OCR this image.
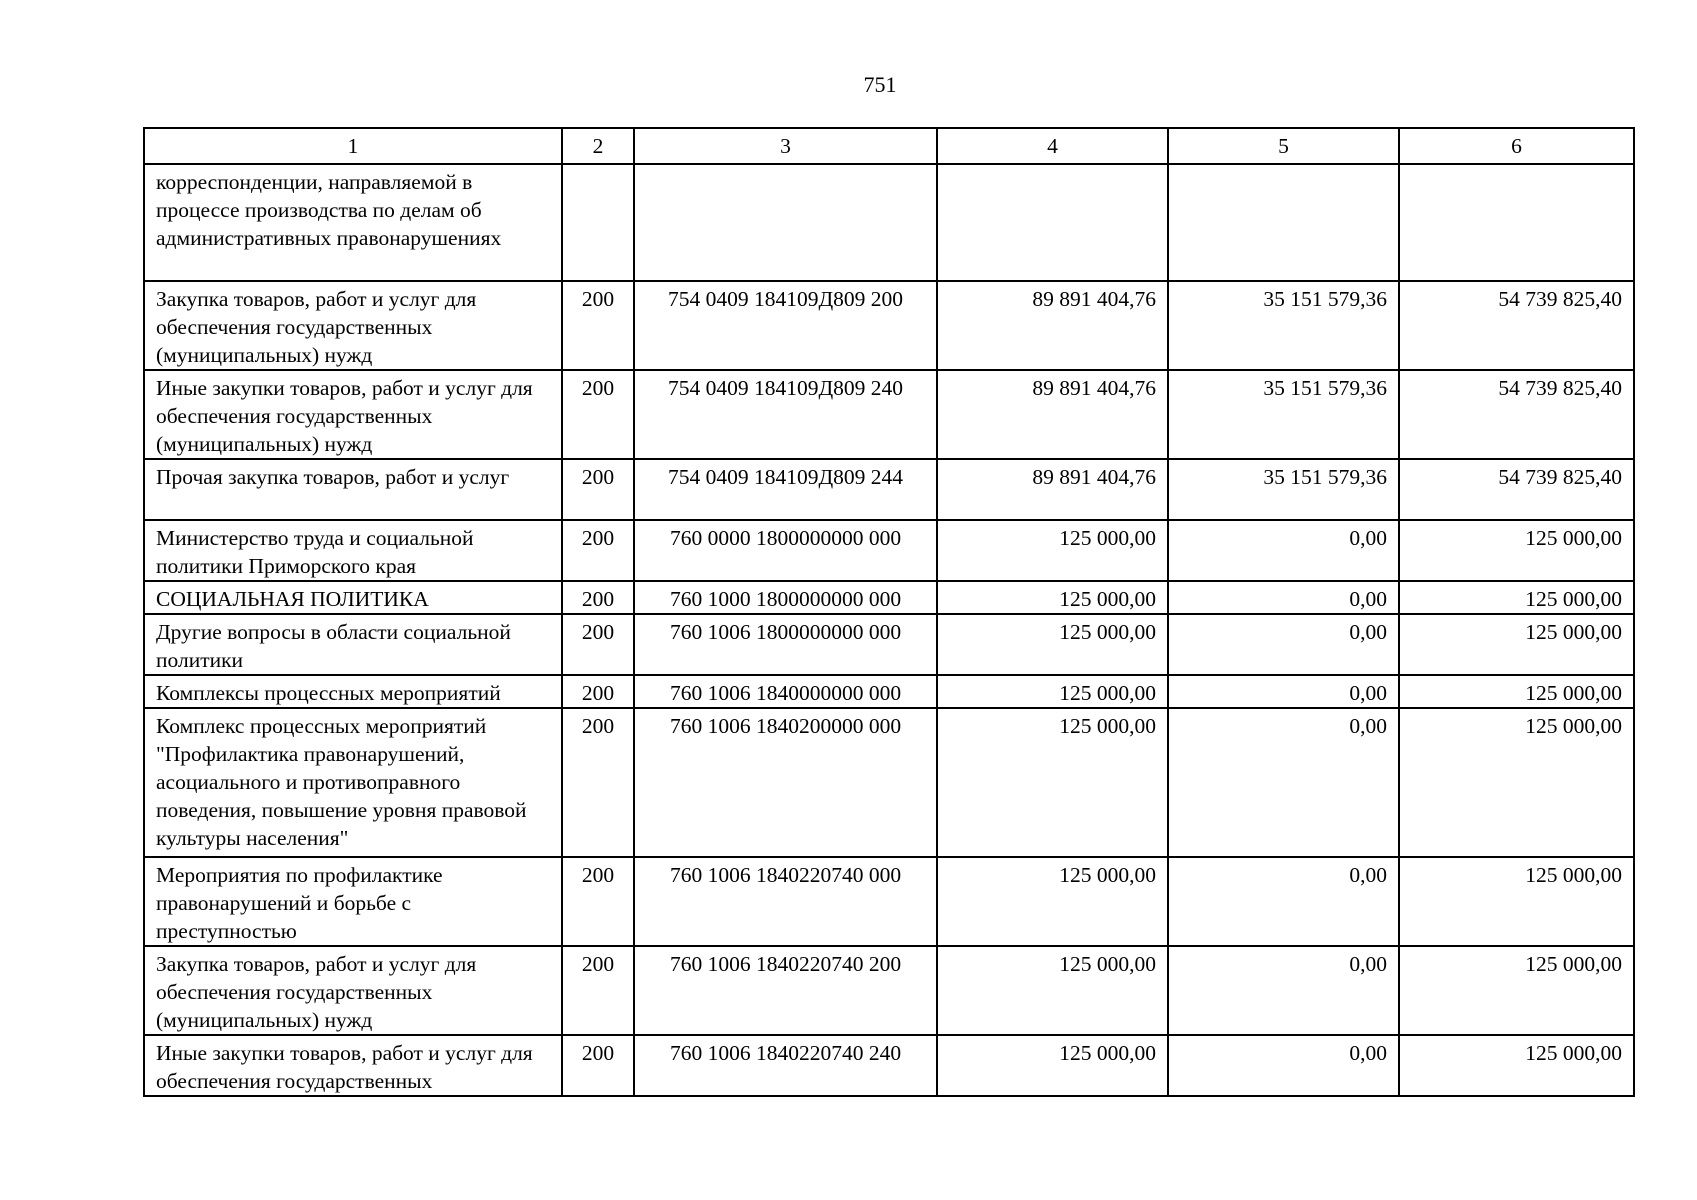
751
1	2	3	4	5	6
корреспонденции, направляемой в процессе производства по делам об административных правонарушениях					
Закупка товаров, работ и услуг для обеспечения государственных (муниципальных) нужд	200	754 0409 184109Д809 200	89 891 404,76	35 151 579,36	54 739 825,40
Иные закупки товаров, работ и услуг для обеспечения государственных (муниципальных) нужд	200	754 0409 184109Д809 240	89 891 404,76	35 151 579,36	54 739 825,40
Прочая закупка товаров, работ и услуг	200	754 0409 184109Д809 244	89 891 404,76	35 151 579,36	54 739 825,40
Министерство труда и социальной политики Приморского края	200	760 0000 1800000000 000	125 000,00	0,00	125 000,00
СОЦИАЛЬНАЯ ПОЛИТИКА	200	760 1000 1800000000 000	125 000,00	0,00	125 000,00
Другие вопросы в области социальной политики	200	760 1006 1800000000 000	125 000,00	0,00	125 000,00
Комплексы процессных мероприятий	200	760 1006 1840000000 000	125 000,00	0,00	125 000,00
Комплекс процессных мероприятий "Профилактика правонарушений, асоциального и противоправного поведения, повышение уровня правовой культуры населения"	200	760 1006 1840200000 000	125 000,00	0,00	125 000,00
Мероприятия по профилактике правонарушений и борьбе с преступностью	200	760 1006 1840220740 000	125 000,00	0,00	125 000,00
Закупка товаров, работ и услуг для обеспечения государственных (муниципальных) нужд	200	760 1006 1840220740 200	125 000,00	0,00	125 000,00
Иные закупки товаров, работ и услуг для обеспечения государственных	200	760 1006 1840220740 240	125 000,00	0,00	125 000,00
